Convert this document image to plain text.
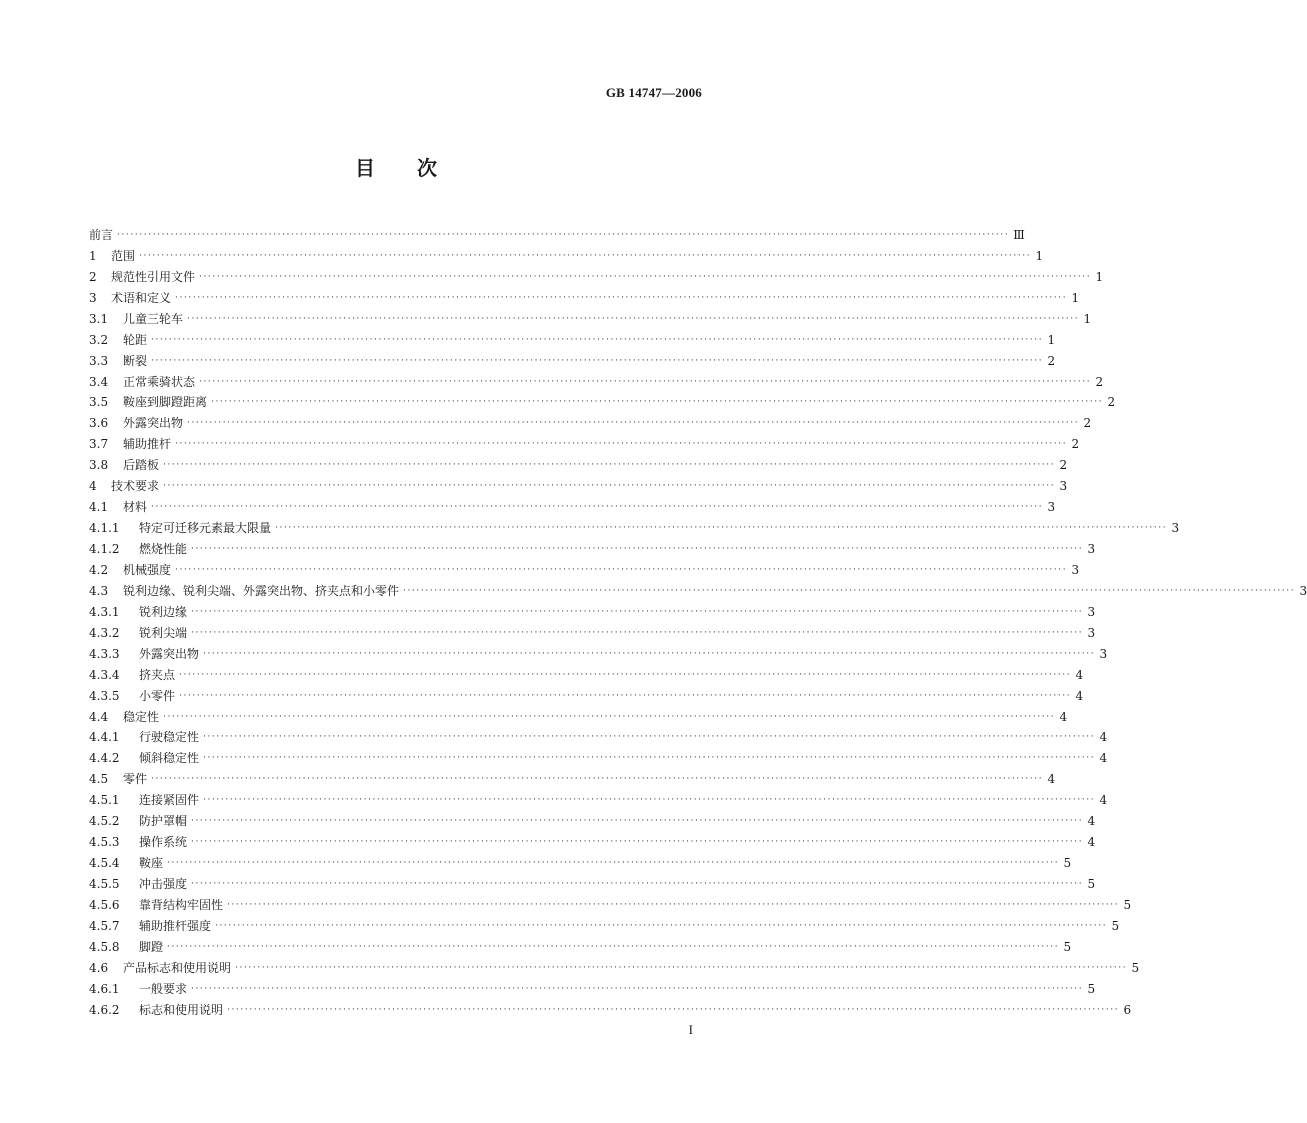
GB 14747—2006
目 次
前言 ········································································································································································································ Ⅲ
1 范围 ········································································································································································································ 1
2 规范性引用文件 ········································································································································································································ 1
3 术语和定义 ········································································································································································································ 1
3.1 儿童三轮车 ········································································································································································································ 1
3.2 轮距 ········································································································································································································ 1
3.3 断裂 ········································································································································································································ 2
3.4 正常乘骑状态 ········································································································································································································ 2
3.5 鞍座到脚蹬距离 ········································································································································································································ 2
3.6 外露突出物 ········································································································································································································ 2
3.7 辅助推杆 ········································································································································································································ 2
3.8 后踏板 ········································································································································································································ 2
4 技术要求 ········································································································································································································ 3
4.1 材料 ········································································································································································································ 3
4.1.1	特定可迁移元素最大限量 ········································································································································································································ 3
4.1.2	燃烧性能 ········································································································································································································ 3
4.2 机械强度 ········································································································································································································ 3
4.3 锐利边缘、锐利尖端、外露突出物、挤夹点和小零件 ········································································································································································································ 3
4.3.1	锐利边缘 ········································································································································································································ 3
4.3.2	锐利尖端 ········································································································································································································ 3
4.3.3	外露突出物 ········································································································································································································ 3
4.3.4	挤夹点 ········································································································································································································ 4
4.3.5	小零件 ········································································································································································································ 4
4.4 稳定性 ········································································································································································································ 4
4.4.1	行驶稳定性 ········································································································································································································ 4
4.4.2	倾斜稳定性 ········································································································································································································ 4
4.5 零件 ········································································································································································································ 4
4.5.1	连接紧固件 ········································································································································································································ 4
4.5.2	防护罩帽 ········································································································································································································ 4
4.5.3	操作系统 ········································································································································································································ 4
4.5.4	鞍座 ········································································································································································································ 5
4.5.5	冲击强度 ········································································································································································································ 5
4.5.6	靠背结构牢固性 ········································································································································································································ 5
4.5.7	辅助推杆强度 ········································································································································································································ 5
4.5.8	脚蹬 ········································································································································································································ 5
4.6 产品标志和使用说明 ········································································································································································································ 5
4.6.1	一般要求 ········································································································································································································ 5
4.6.2	标志和使用说明 ········································································································································································································ 6
I
